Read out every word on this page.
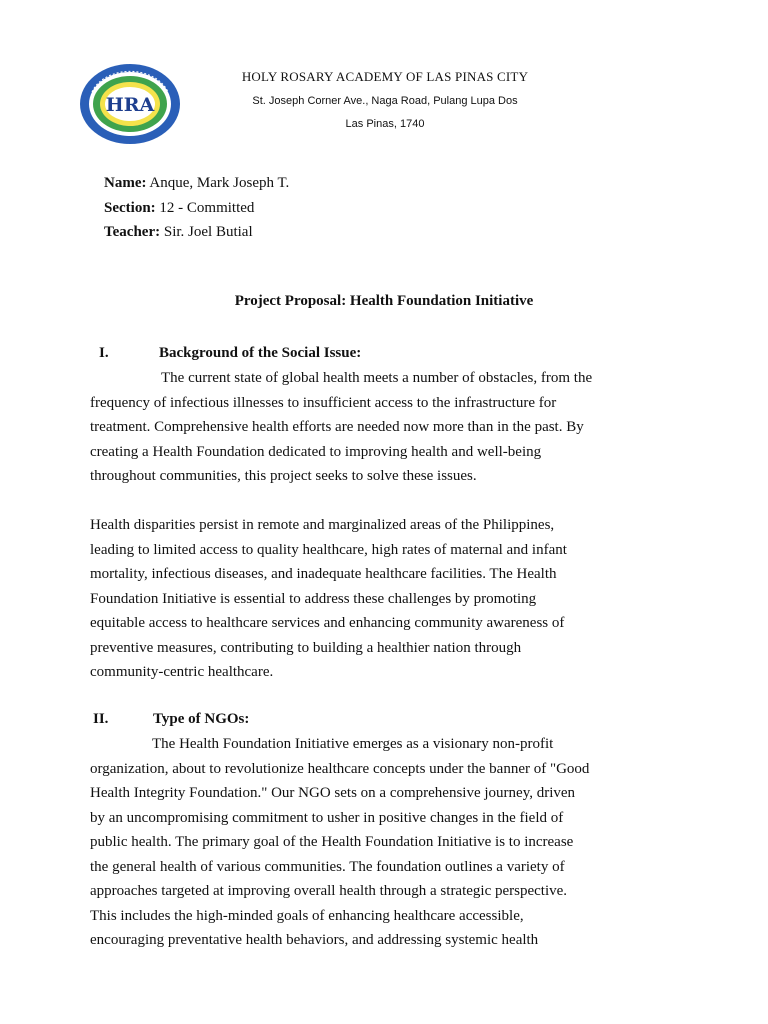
HRA
HOLY ROSARY ACADEMY OF LAS PINAS CITY
St. Joseph Corner Ave., Naga Road, Pulang Lupa Dos
Las Pinas, 1740
Name: Anque, Mark Joseph T.
Section: 12 - Committed
Teacher: Sir. Joel Butial
Project Proposal: Health Foundation Initiative
I.	Background of the Social Issue:
The current state of global health meets a number of obstacles, from the
frequency of infectious illnesses to insufficient access to the infrastructure for
treatment. Comprehensive health efforts are needed now more than in the past. By
creating a Health Foundation dedicated to improving health and well-being
throughout communities, this project seeks to solve these issues.
Health disparities persist in remote and marginalized areas of the Philippines,
leading to limited access to quality healthcare, high rates of maternal and infant
mortality, infectious diseases, and inadequate healthcare facilities. The Health
Foundation Initiative is essential to address these challenges by promoting
equitable access to healthcare services and enhancing community awareness of
preventive measures, contributing to building a healthier nation through
community-centric healthcare.
II.	Type of NGOs:
The Health Foundation Initiative emerges as a visionary non-profit
organization, about to revolutionize healthcare concepts under the banner of "Good
Health Integrity Foundation." Our NGO sets on a comprehensive journey, driven
by an uncompromising commitment to usher in positive changes in the field of
public health. The primary goal of the Health Foundation Initiative is to increase
the general health of various communities. The foundation outlines a variety of
approaches targeted at improving overall health through a strategic perspective.
This includes the high-minded goals of enhancing healthcare accessible,
encouraging preventative health behaviors, and addressing systemic health
